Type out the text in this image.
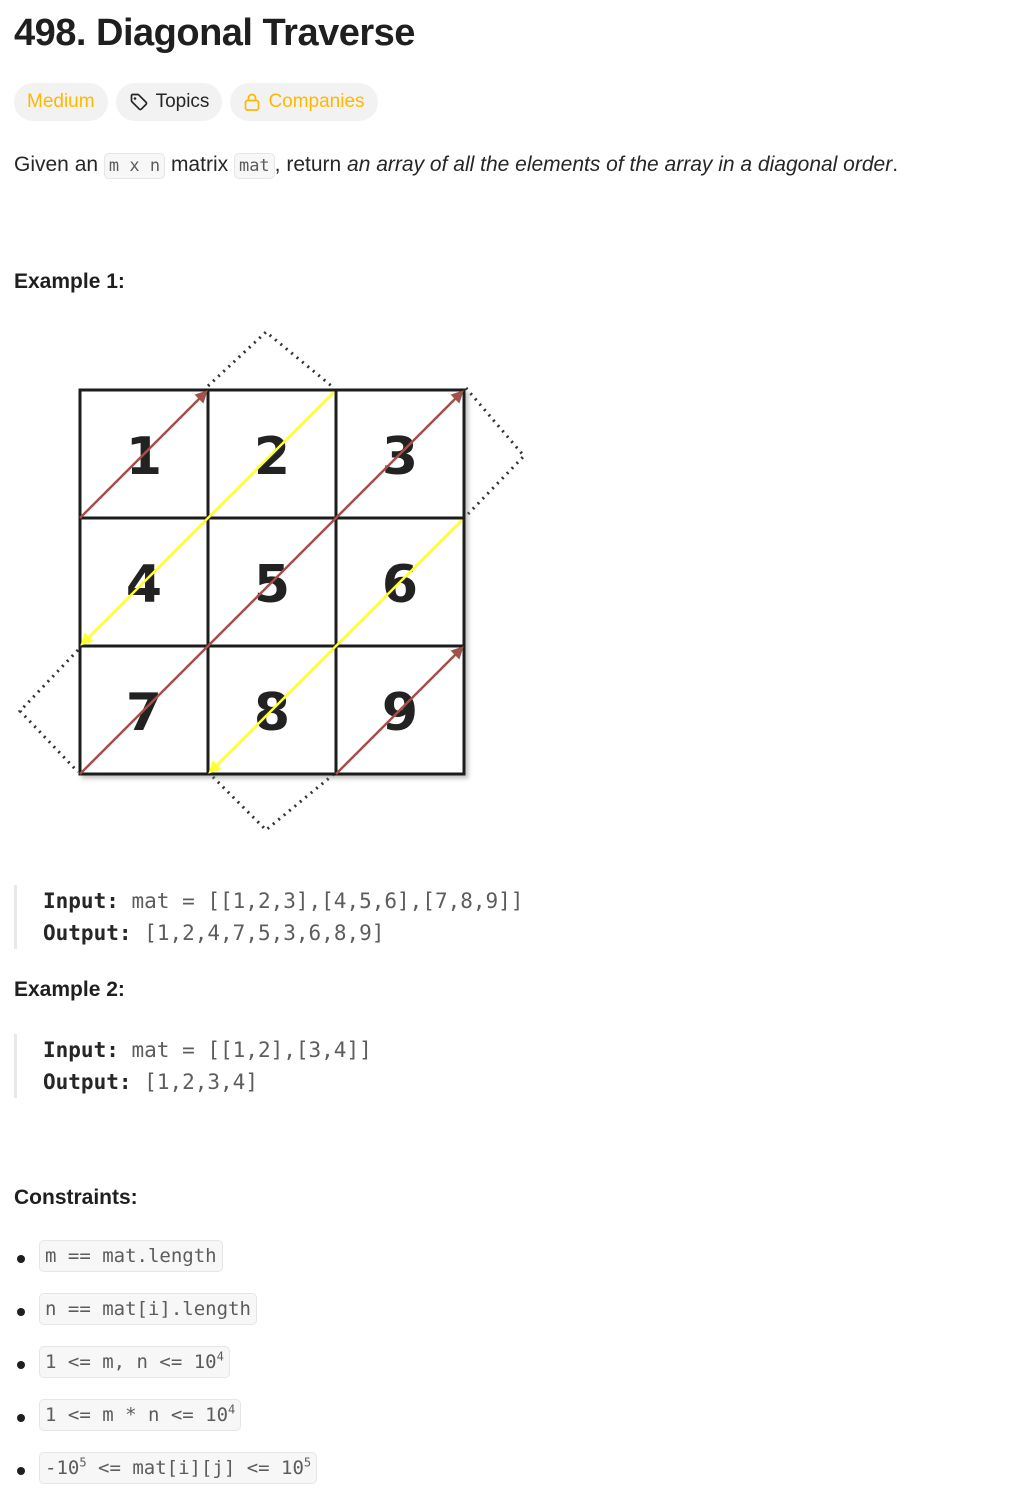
498. Diagonal Traverse
Medium	Topics	Companies
Given an m x n matrix mat , return an array of all the elements of the array in a diagonal order.
Example 1:
1 2 3
4 5 6
7 8 9
Input: mat = [[1,2,3],[4,5,6],[7,8,9]]
Output: [1,2,4,7,5,3,6,8,9]
Example 2:
Input: mat = [[1,2],[3,4]]
Output: [1,2,3,4]
Constraints:
m == mat.length
n == mat[i].length
1 <= m, $n <= 10^4$
$1 <= m * n <= 10^4$
$-10^5 <= mat[i][j] <= 10^5$
